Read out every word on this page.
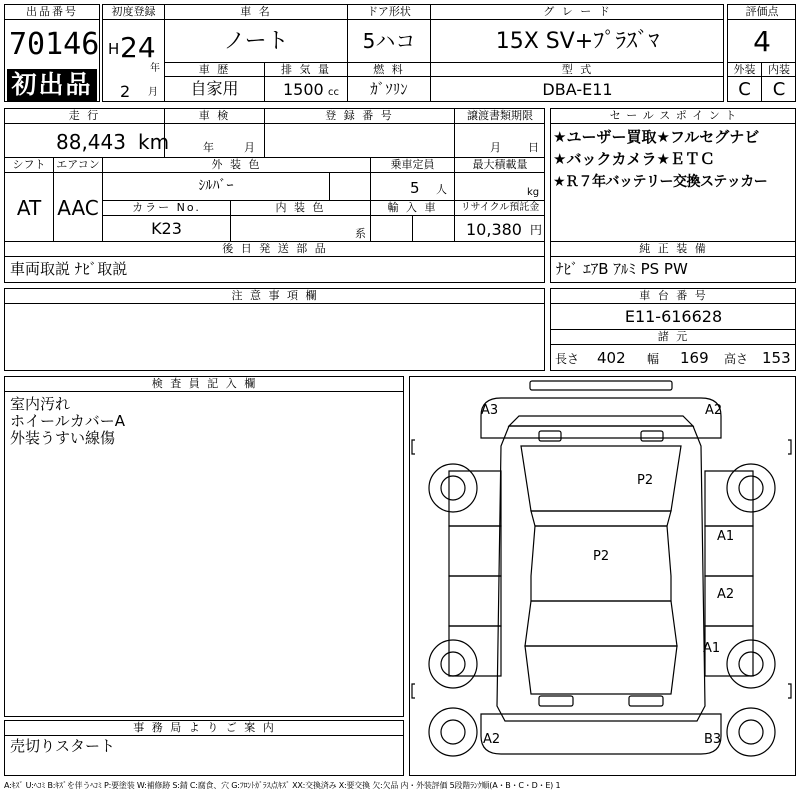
出品番号
70146
初出品
初度登録
H 24
年
2 月
車 名
ノート
ドア形状
5ハコ
グ レ ー ド
15X SV+ﾌﾟﾗｽﾞﾏ
車 歴
自家用
排 気 量
1500 cc
燃 料
ｶﾞｿﾘﾝ
型 式
DBA-E11
評価点
4
外装	内装
C	C
走 行
88,443 km
車 検
年	月
登 録 番 号	譲渡書類期限
月 日
シフト
AT
エアコン
AAC
外 装 色
ｼﾙﾊﾞｰ
乗車定員
5 人
最大積載量
kg
カラー No.
K23
内 装 色
系
輸 入 車	リサイクル預託金
10,380 円
後 日 発 送 部 品
車両取説 ﾅﾋﾞ取説
セ ー ル ス ポ イ ン ト
★ユーザー買取★フルセグナビ
★バックカメラ★ＥＴＣ
★Ｒ７年バッテリー交換ステッカー
純 正 装 備
ﾅﾋﾞ ｴｱB ｱﾙﾐ PS PW
注 意 事 項 欄	車 台 番 号
E11-616628
諸 元
長さ 402 幅 169 高さ 153
検 査 員 記 入 欄
室内汚れ
ホイールカバーA
外装うすい線傷
事 務 局 よ り ご 案 内
売切りスタート
A3	A2
P2
P2
A1
A2
A1
A2	B3
A:ｷｽﾞ U:ﾍｺﾐ B:ｷｽﾞを伴うﾍｺﾐ P:要塗装 W:補修跡 S:錆 C:腐食、穴 G:ﾌﾛﾝﾄｶﾞﾗｽ点ｷｽﾞ XX:交換済み X:要交換 欠:欠品 内・外装評価 5段階ﾗﾝｸ順(A・B・C・D・E) 1
